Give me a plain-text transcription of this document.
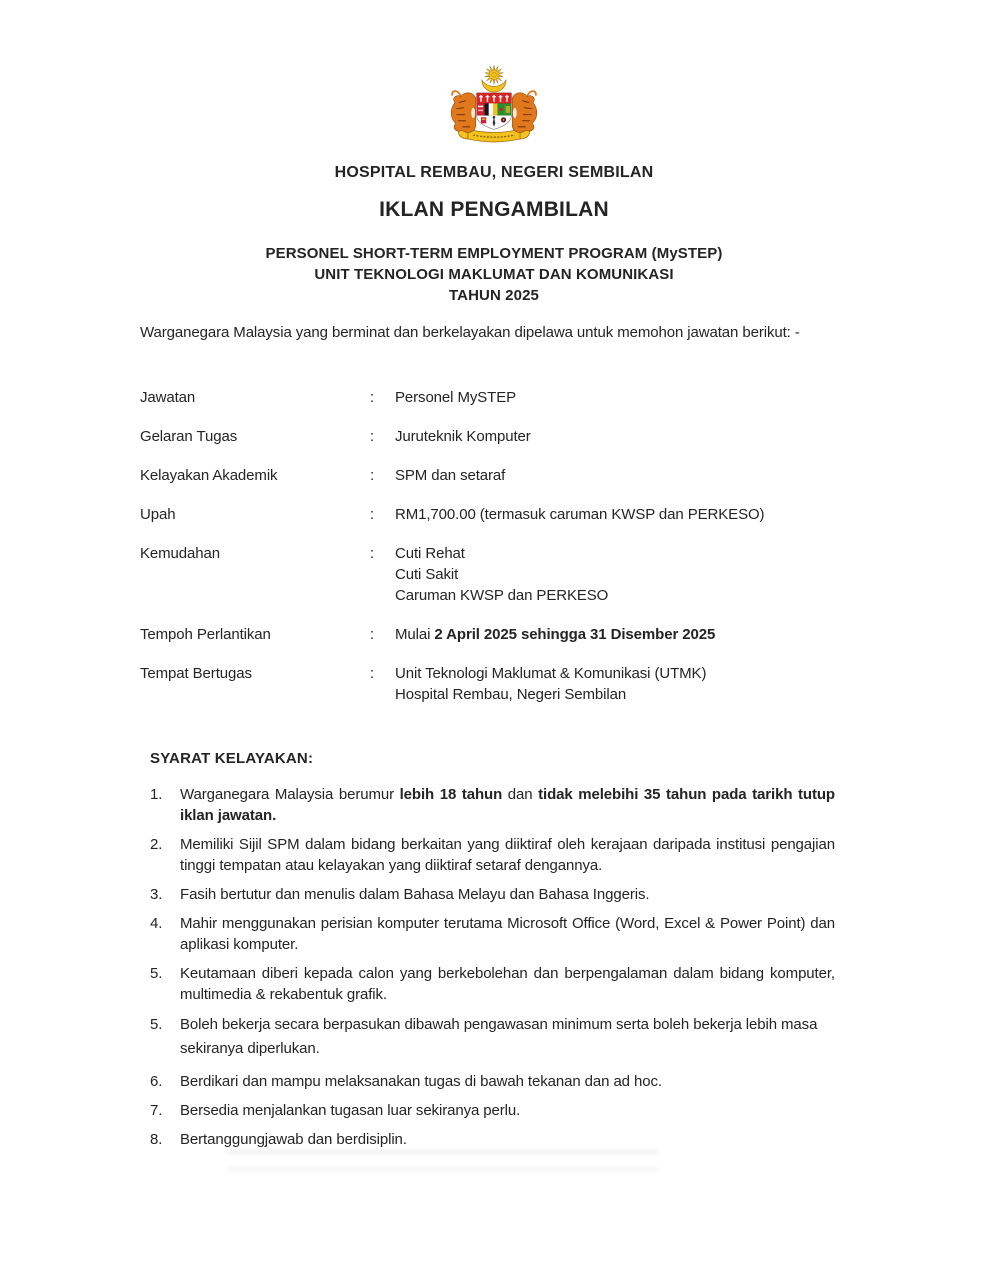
HOSPITAL REMBAU, NEGERI SEMBILAN
IKLAN PENGAMBILAN
PERSONEL SHORT-TERM EMPLOYMENT PROGRAM (MySTEP)
UNIT TEKNOLOGI MAKLUMAT DAN KOMUNIKASI
TAHUN 2025

Warganegara Malaysia yang berminat dan berkelayakan dipelawa untuk memohon jawatan berikut: -

Jawatan	:	Personel MySTEP
Gelaran Tugas	:	Juruteknik Komputer
Kelayakan Akademik	:	SPM dan setaraf
Upah	:	RM1,700.00 (termasuk caruman KWSP dan PERKESO)
Kemudahan	:	Cuti Rehat
Cuti Sakit
Caruman KWSP dan PERKESO
Tempoh Perlantikan	:	Mulai 2 April 2025 sehingga 31 Disember 2025
Tempat Bertugas	:	Unit Teknologi Maklumat & Komunikasi (UTMK)
Hospital Rembau, Negeri Sembilan
SYARAT KELAYAKAN:
1.	Warganegara Malaysia berumur lebih 18 tahun dan tidak melebihi 35 tahun pada tarikh tutup iklan jawatan.
2.	Memiliki Sijil SPM dalam bidang berkaitan yang diiktiraf oleh kerajaan daripada institusi pengajian tinggi tempatan atau kelayakan yang diiktiraf setaraf dengannya.
3.	Fasih bertutur dan menulis dalam Bahasa Melayu dan Bahasa Inggeris.
4.	Mahir menggunakan perisian komputer terutama Microsoft Office (Word, Excel & Power Point) dan aplikasi komputer.
5.	Keutamaan diberi kepada calon yang berkebolehan dan berpengalaman dalam bidang komputer, multimedia & rekabentuk grafik.
5.	Boleh bekerja secara berpasukan dibawah pengawasan minimum serta boleh bekerja lebih masa sekiranya diperlukan.
6.	Berdikari dan mampu melaksanakan tugas di bawah tekanan dan ad hoc.
7.	Bersedia menjalankan tugasan luar sekiranya perlu.
8.	Bertanggungjawab dan berdisiplin.
